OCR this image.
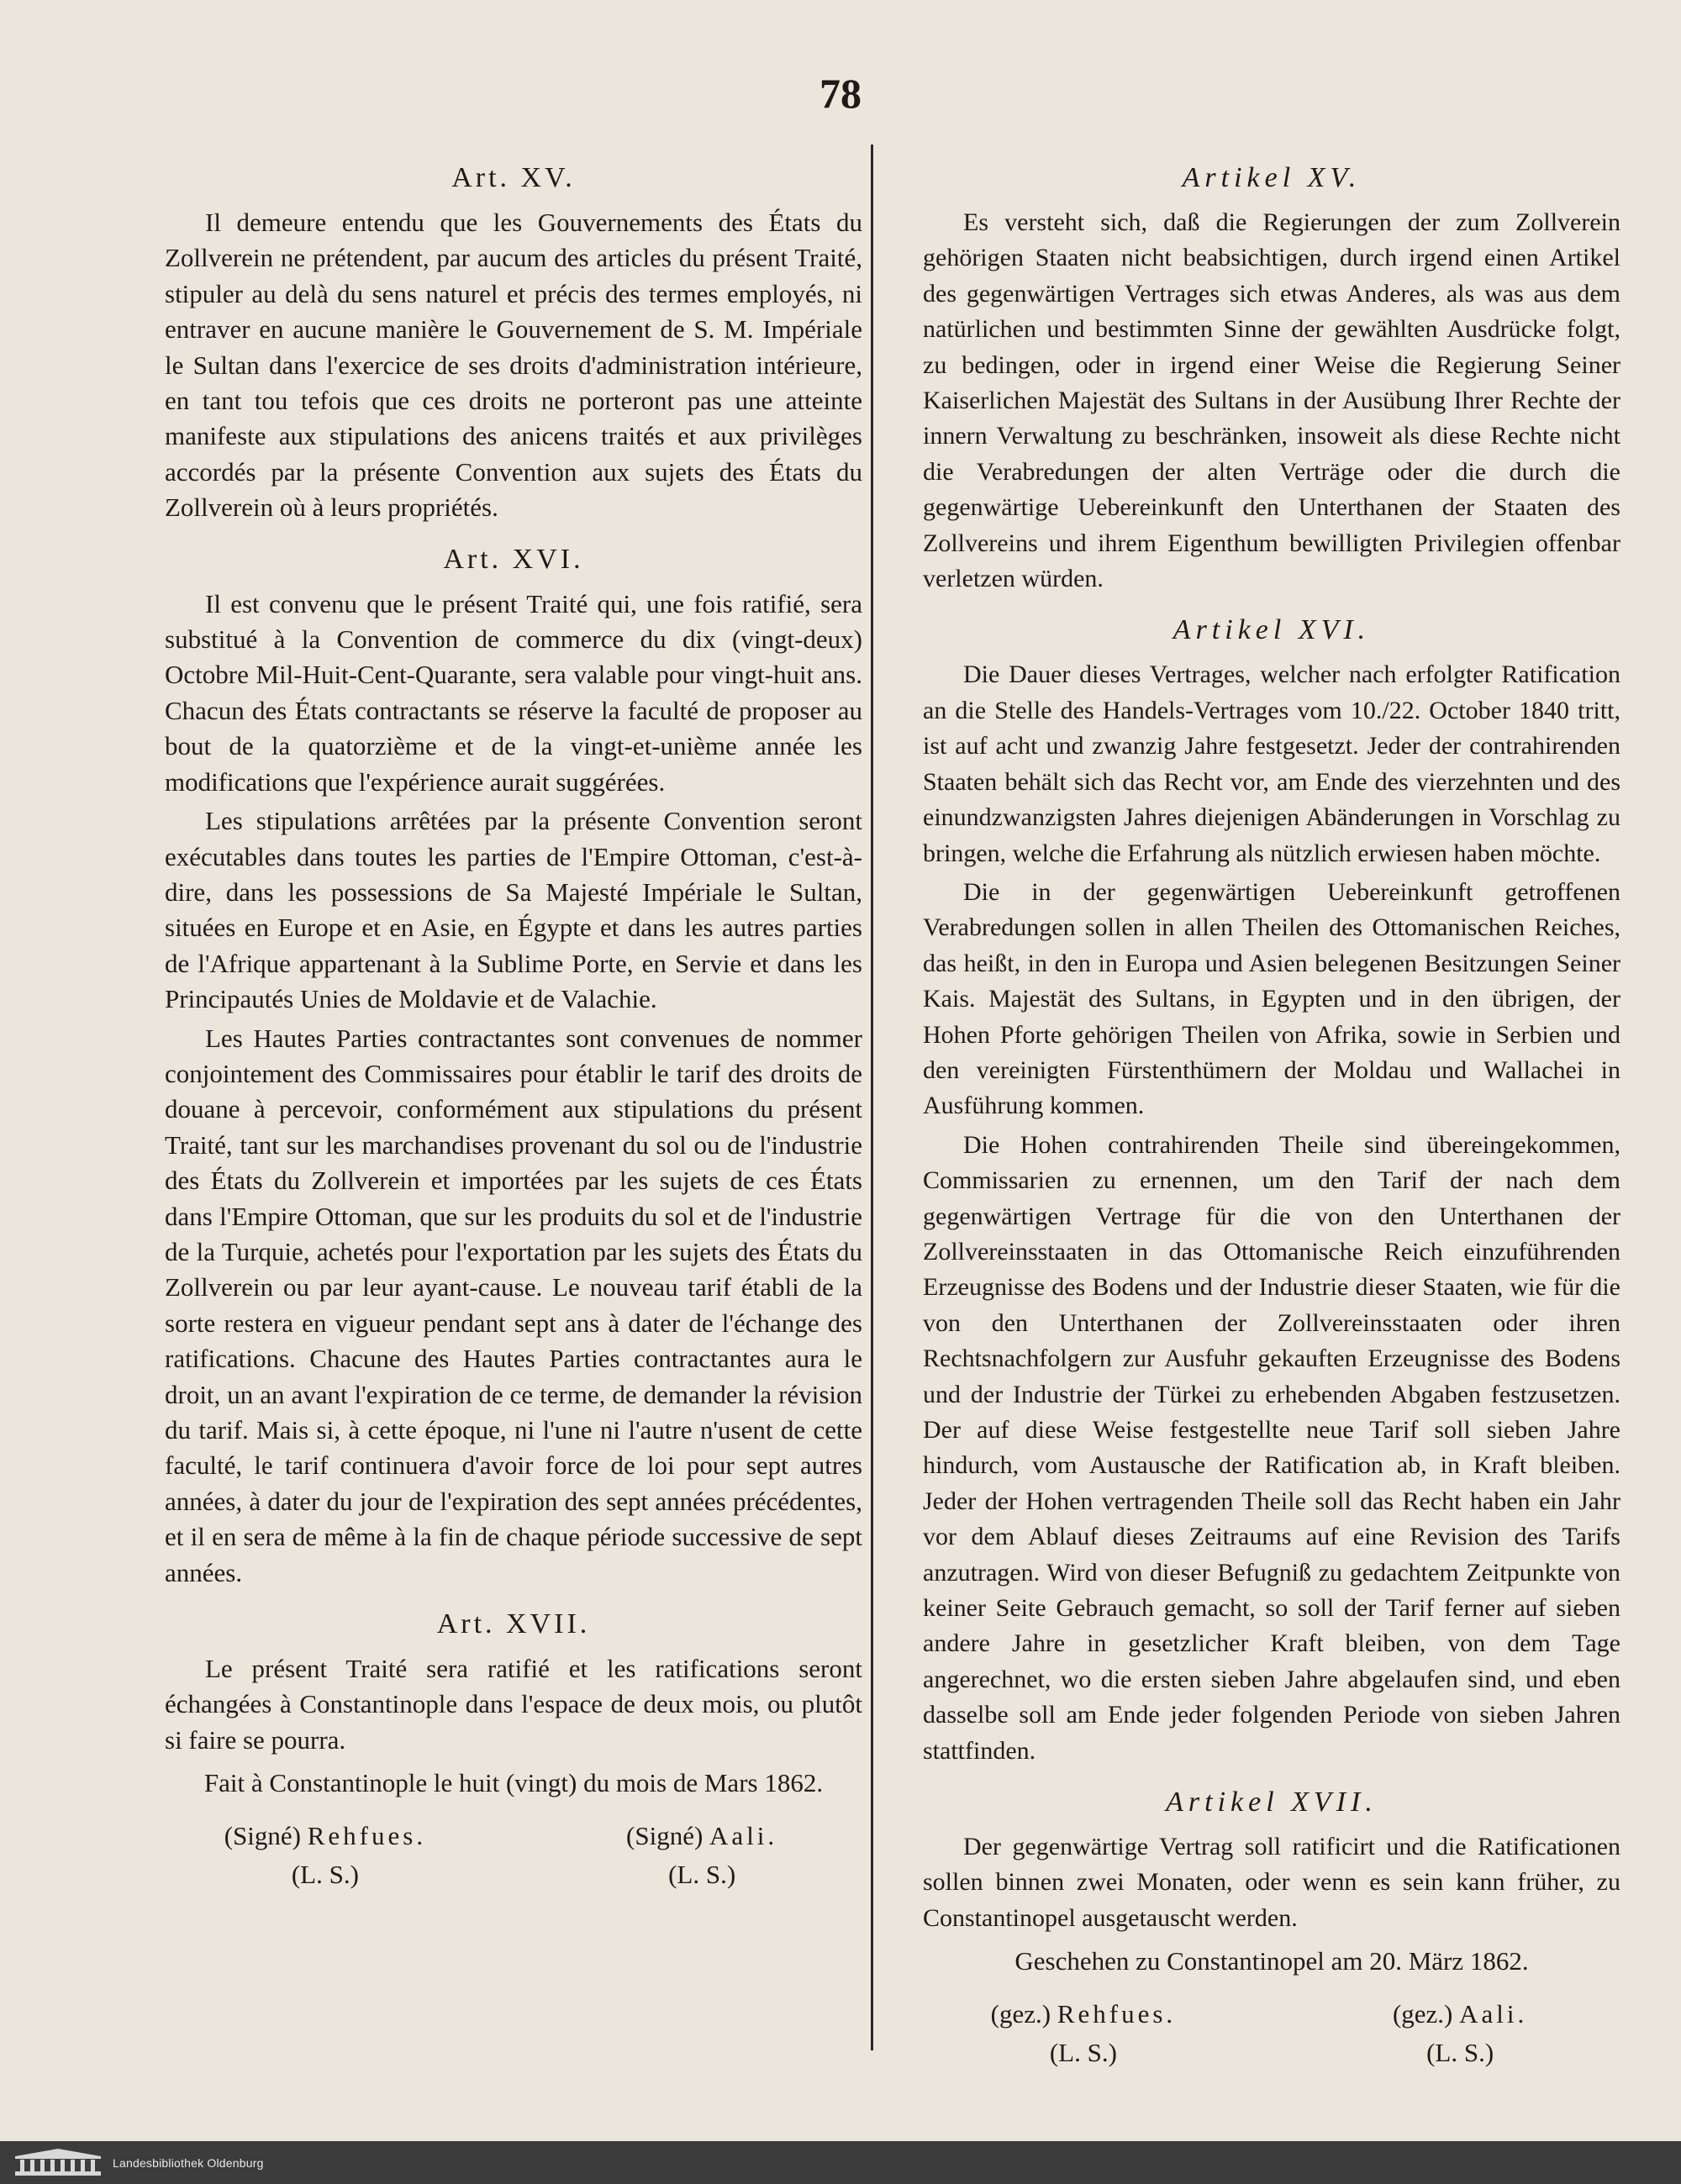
78
Art. XV.

Il demeure entendu que les Gouvernements des États du Zollverein ne prétendent, par aucum des articles du présent Traité, stipuler au delà du sens naturel et précis des termes employés, ni entraver en aucune manière le Gouvernement de S. M. Impériale le Sultan dans l'exercice de ses droits d'administration intérieure, en tant tou tefois que ces droits ne porteront pas une atteinte manifeste aux stipulations des anicens traités et aux privilèges accordés par la présente Convention aux sujets des États du Zollverein où à leurs propriétés.

Art. XVI.

Il est convenu que le présent Traité qui, une fois ratifié, sera substitué à la Convention de commerce du dix (vingt-deux) Octobre Mil-Huit-Cent-Quarante, sera valable pour vingt-huit ans. Chacun des États contractants se réserve la faculté de proposer au bout de la quatorzième et de la vingt-et-unième année les modifications que l'expérience aurait suggérées.

Les stipulations arrêtées par la présente Convention seront exécutables dans toutes les parties de l'Empire Ottoman, c'est-à-dire, dans les possessions de Sa Majesté Impériale le Sultan, situées en Europe et en Asie, en Égypte et dans les autres parties de l'Afrique appartenant à la Sublime Porte, en Servie et dans les Principautés Unies de Moldavie et de Valachie.

Les Hautes Parties contractantes sont convenues de nommer conjointement des Commissaires pour établir le tarif des droits de douane à percevoir, conformément aux stipulations du présent Traité, tant sur les marchandises provenant du sol ou de l'industrie des États du Zollverein et importées par les sujets de ces États dans l'Empire Ottoman, que sur les produits du sol et de l'industrie de la Turquie, achetés pour l'exportation par les sujets des États du Zollverein ou par leur ayant-cause. Le nouveau tarif établi de la sorte restera en vigueur pendant sept ans à dater de l'échange des ratifications. Chacune des Hautes Parties contractantes aura le droit, un an avant l'expiration de ce terme, de demander la révision du tarif. Mais si, à cette époque, ni l'une ni l'autre n'usent de cette faculté, le tarif continuera d'avoir force de loi pour sept autres années, à dater du jour de l'expiration des sept années précédentes, et il en sera de même à la fin de chaque période successive de sept années.

Art. XVII.

Le présent Traité sera ratifié et les ratifications seront échangées à Constantinople dans l'espace de deux mois, ou plutôt si faire se pourra.

Fait à Constantinople le huit (vingt) du mois de Mars 1862.
(Signé) Rehfues.
(L. S.)
(Signé) Aali.
(L. S.)
Artikel XV.

Es versteht sich, daß die Regierungen der zum Zollverein gehörigen Staaten nicht beabsichtigen, durch irgend einen Artikel des gegenwärtigen Vertrages sich etwas Anderes, als was aus dem natürlichen und bestimmten Sinne der gewählten Ausdrücke folgt, zu bedingen, oder in irgend einer Weise die Regierung Seiner Kaiserlichen Majestät des Sultans in der Ausübung Ihrer Rechte der innern Verwaltung zu beschränken, insoweit als diese Rechte nicht die Verabredungen der alten Verträge oder die durch die gegenwärtige Uebereinkunft den Unterthanen der Staaten des Zollvereins und ihrem Eigenthum bewilligten Privilegien offenbar verletzen würden.

Artikel XVI.

Die Dauer dieses Vertrages, welcher nach erfolgter Ratification an die Stelle des Handels-Vertrages vom 10./22. October 1840 tritt, ist auf acht und zwanzig Jahre festgesetzt. Jeder der contrahirenden Staaten behält sich das Recht vor, am Ende des vierzehnten und des einundzwanzigsten Jahres diejenigen Abänderungen in Vorschlag zu bringen, welche die Erfahrung als nützlich erwiesen haben möchte.

Die in der gegenwärtigen Uebereinkunft getroffenen Verabredungen sollen in allen Theilen des Ottomanischen Reiches, das heißt, in den in Europa und Asien belegenen Besitzungen Seiner Kais. Majestät des Sultans, in Egypten und in den übrigen, der Hohen Pforte gehörigen Theilen von Afrika, sowie in Serbien und den vereinigten Fürstenthümern der Moldau und Wallachei in Ausführung kommen.

Die Hohen contrahirenden Theile sind übereingekommen, Commissarien zu ernennen, um den Tarif der nach dem gegenwärtigen Vertrage für die von den Unterthanen der Zollvereinsstaaten in das Ottomanische Reich einzuführenden Erzeugnisse des Bodens und der Industrie dieser Staaten, wie für die von den Unterthanen der Zollvereinsstaaten oder ihren Rechtsnachfolgern zur Ausfuhr gekauften Erzeugnisse des Bodens und der Industrie der Türkei zu erhebenden Abgaben festzusetzen. Der auf diese Weise festgestellte neue Tarif soll sieben Jahre hindurch, vom Austausche der Ratification ab, in Kraft bleiben. Jeder der Hohen vertragenden Theile soll das Recht haben ein Jahr vor dem Ablauf dieses Zeitraums auf eine Revision des Tarifs anzutragen. Wird von dieser Befugniß zu gedachtem Zeitpunkte von keiner Seite Gebrauch gemacht, so soll der Tarif ferner auf sieben andere Jahre in gesetzlicher Kraft bleiben, von dem Tage angerechnet, wo die ersten sieben Jahre abgelaufen sind, und eben dasselbe soll am Ende jeder folgenden Periode von sieben Jahren stattfinden.

Artikel XVII.

Der gegenwärtige Vertrag soll ratificirt und die Ratificationen sollen binnen zwei Monaten, oder wenn es sein kann früher, zu Constantinopel ausgetauscht werden.

Geschehen zu Constantinopel am 20. März 1862.
(gez.) Rehfues.
(L. S.)
(gez.) Aali.
(L. S.)
Landesbibliothek Oldenburg
